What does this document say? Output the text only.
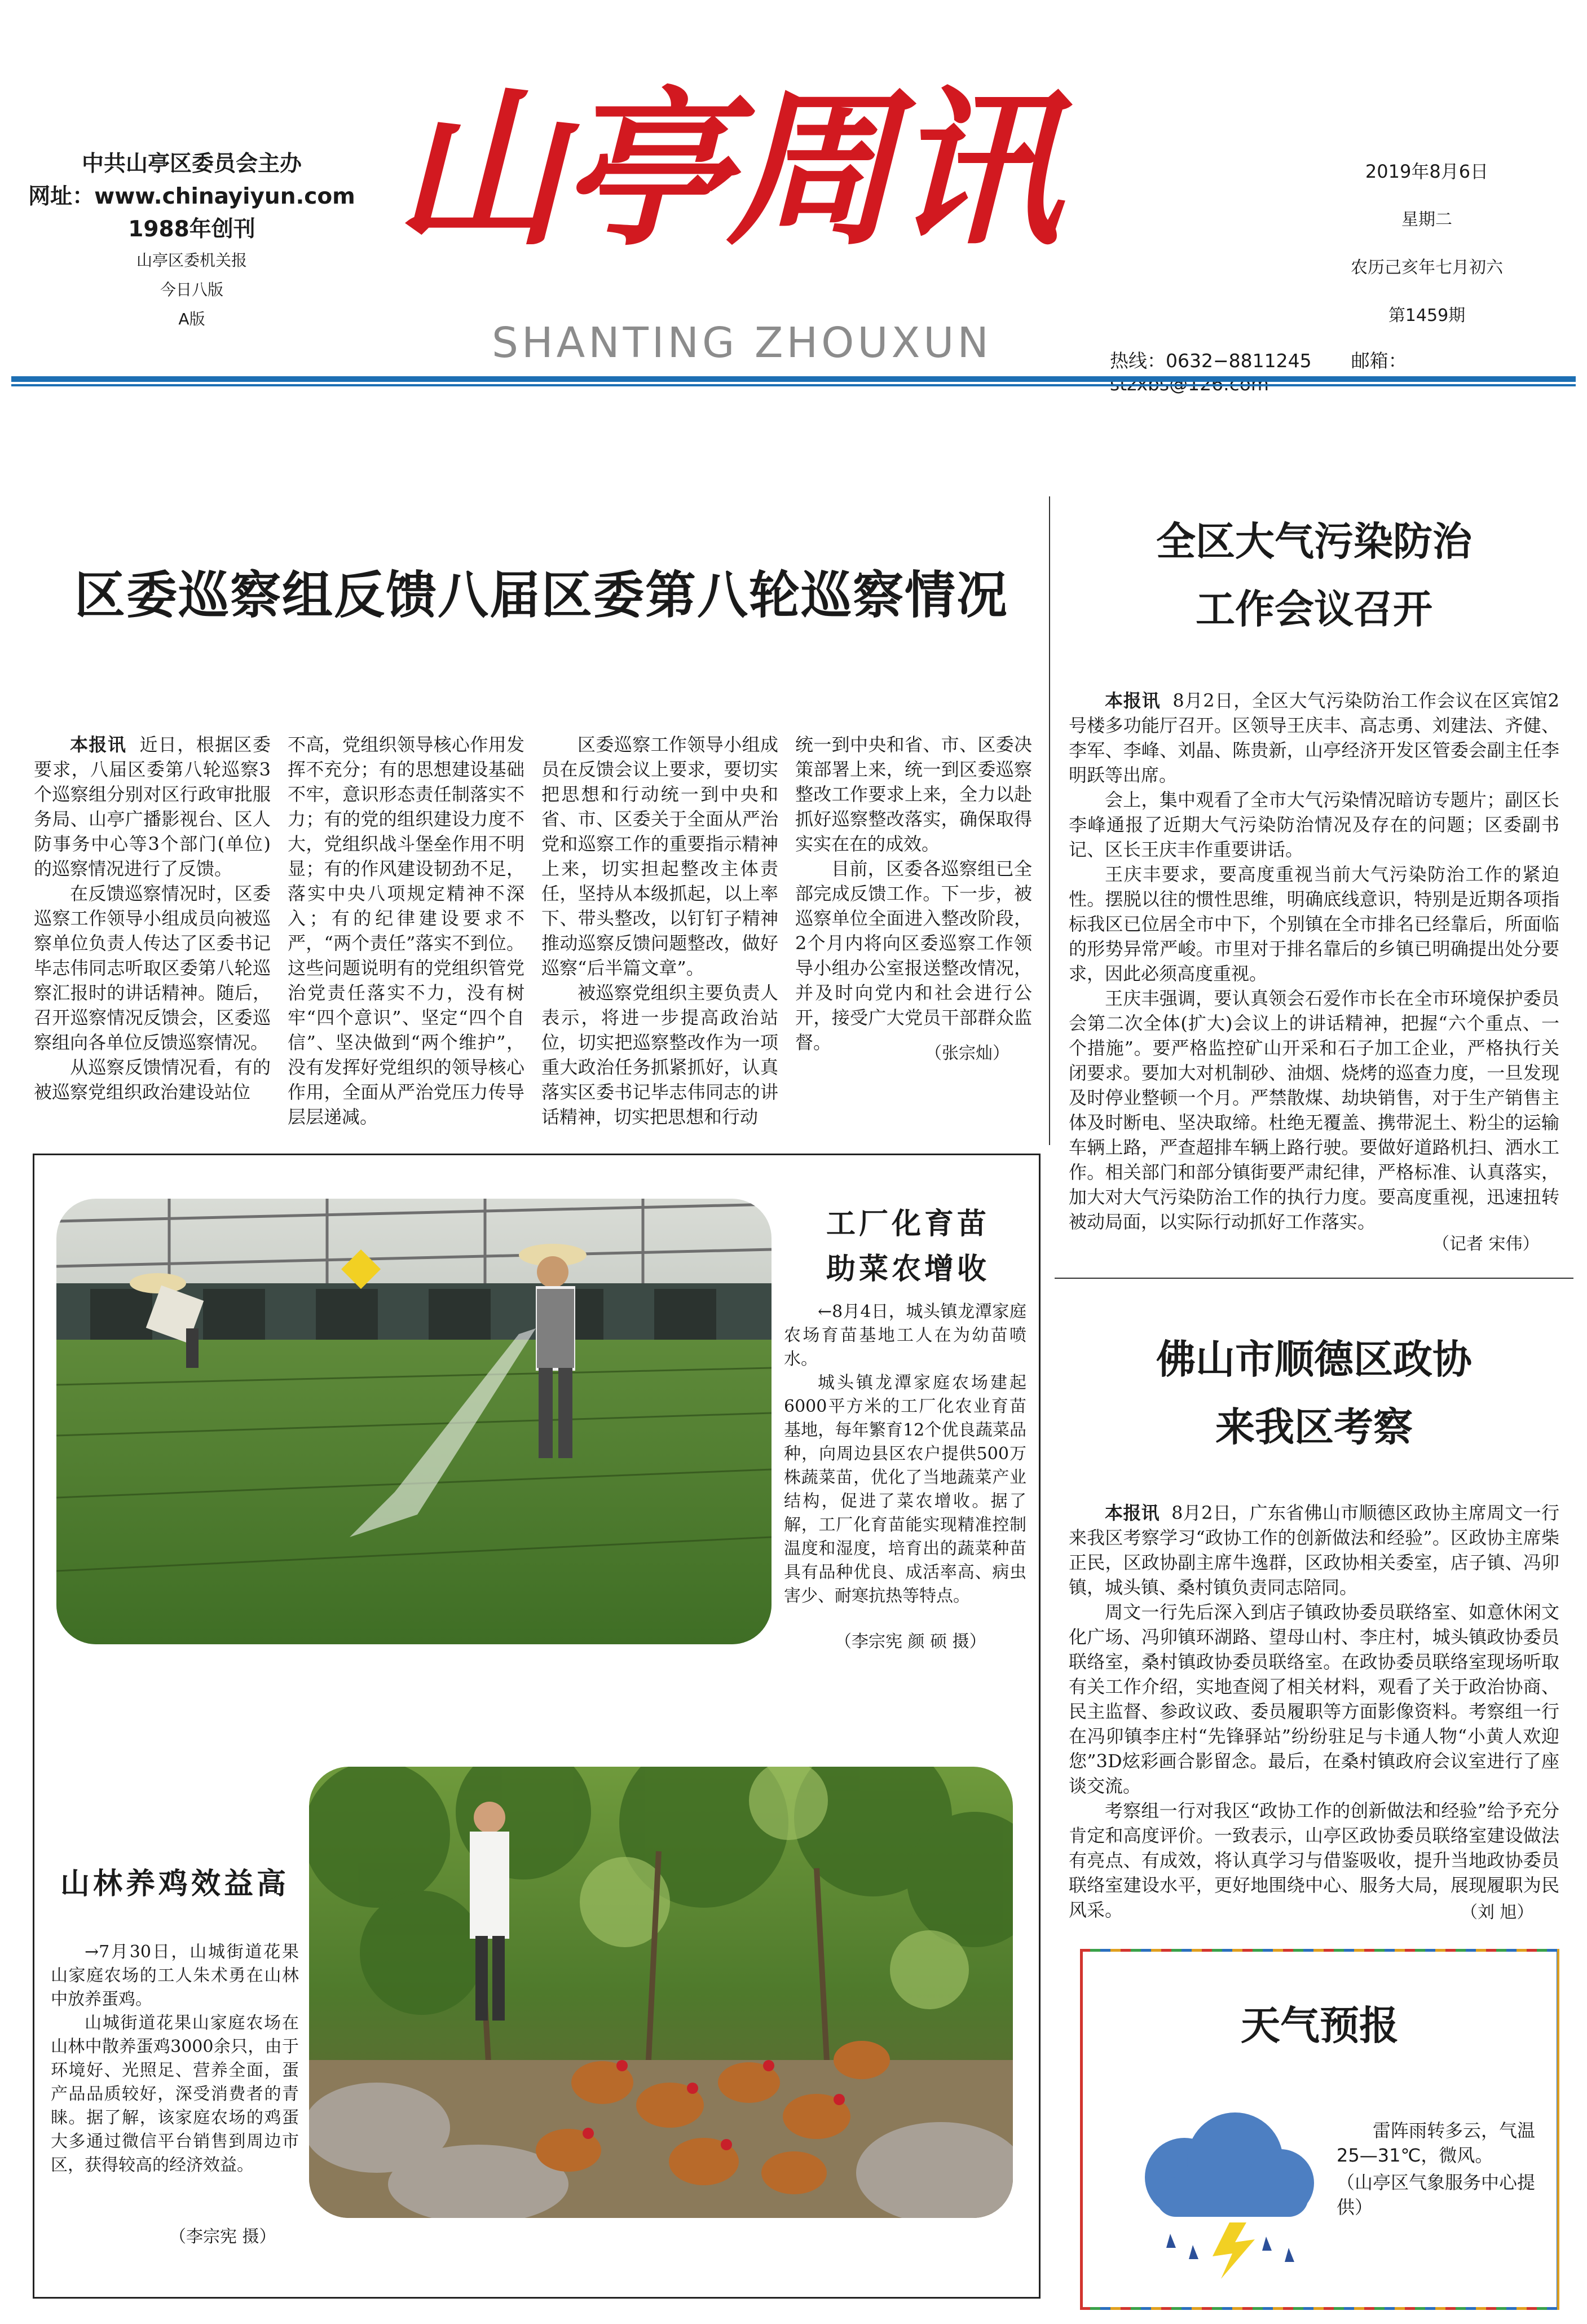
中共山亭区委员会主办
网址：www.chinayiyun.com
1988年创刊
山亭区委机关报
今日八版
A版
山亭周讯
SHANTING ZHOUXUN
2019年8月6日
星期二
农历己亥年七月初六
第1459期
热线：0632−8811245 邮箱：
区委巡察组反馈八届区委第八轮巡察情况

本报讯 近日，根据区委要求，八届区委第八轮巡察3个巡察组分别对区行政审批服务局、山亭广播影视台、区人防事务中心等3个部门(单位)的巡察情况进行了反馈。

在反馈巡察情况时，区委巡察工作领导小组成员向被巡察单位负责人传达了区委书记毕志伟同志听取区委第八轮巡察汇报时的讲话精神。随后，召开巡察情况反馈会，区委巡察组向各单位反馈巡察情况。

从巡察反馈情况看，有的被巡察党组织政治建设站位

不高，党组织领导核心作用发挥不充分；有的思想建设基础不牢，意识形态责任制落实不力；有的党的组织建设力度不大，党组织战斗堡垒作用不明显；有的作风建设韧劲不足，落实中央八项规定精神不深入；有的纪律建设要求不严，“两个责任”落实不到位。这些问题说明有的党组织管党治党责任落实不力，没有树牢“四个意识”、坚定“四个自信”、坚决做到“两个维护”，没有发挥好党组织的领导核心作用，全面从严治党压力传导层层递减。

区委巡察工作领导小组成员在反馈会议上要求，要切实把思想和行动统一到中央和省、市、区委关于全面从严治党和巡察工作的重要指示精神上来，切实担起整改主体责任，坚持从本级抓起，以上率下、带头整改，以钉钉子精神推动巡察反馈问题整改，做好巡察“后半篇文章”。

被巡察党组织主要负责人表示，将进一步提高政治站位，切实把巡察整改作为一项重大政治任务抓紧抓好，认真落实区委书记毕志伟同志的讲话精神，切实把思想和行动

统一到中央和省、市、区委决策部署上来，统一到区委巡察整改工作要求上来，全力以赴抓好巡察整改落实，确保取得实实在在的成效。

目前，区委各巡察组已全部完成反馈工作。下一步，被巡察单位全面进入整改阶段，2个月内将向区委巡察工作领导小组办公室报送整改情况，并及时向党内和社会进行公开，接受广大党员干部群众监督。

（张宗灿）
全区大气污染防治
工作会议召开

本报讯 8月2日，全区大气污染防治工作会议在区宾馆2号楼多功能厅召开。区领导王庆丰、高志勇、刘建法、齐健、李军、李峰、刘晶、陈贵新，山亭经济开发区管委会副主任李明跃等出席。

会上，集中观看了全市大气污染情况暗访专题片；副区长李峰通报了近期大气污染防治情况及存在的问题；区委副书记、区长王庆丰作重要讲话。

王庆丰要求，要高度重视当前大气污染防治工作的紧迫性。摆脱以往的惯性思维，明确底线意识，特别是近期各项指标我区已位居全市中下，个别镇在全市排名已经靠后，所面临的形势异常严峻。市里对于排名靠后的乡镇已明确提出处分要求，因此必须高度重视。

王庆丰强调，要认真领会石爱作市长在全市环境保护委员会第二次全体(扩大)会议上的讲话精神，把握“六个重点、一个措施”。要严格监控矿山开采和石子加工企业，严格执行关闭要求。要加大对机制砂、油烟、烧烤的巡查力度，一旦发现及时停业整顿一个月。严禁散煤、劫块销售，对于生产销售主体及时断电、坚决取缔。杜绝无覆盖、携带泥土、粉尘的运输车辆上路，严查超排车辆上路行驶。要做好道路机扫、洒水工作。相关部门和部分镇街要严肃纪律，严格标准、认真落实，加大对大气污染防治工作的执行力度。要高度重视，迅速扭转被动局面，以实际行动抓好工作落实。

（记者 宋伟）
佛山市顺德区政协
来我区考察

本报讯 8月2日，广东省佛山市顺德区政协主席周文一行来我区考察学习“政协工作的创新做法和经验”。区政协主席柴正民，区政协副主席牛逸群，区政协相关委室，店子镇、冯卯镇，城头镇、桑村镇负责同志陪同。

周文一行先后深入到店子镇政协委员联络室、如意休闲文化广场、冯卯镇环湖路、望母山村、李庄村，城头镇政协委员联络室，桑村镇政协委员联络室。在政协委员联络室现场听取有关工作介绍，实地查阅了相关材料，观看了关于政治协商、民主监督、参政议政、委员履职等方面影像资料。考察组一行在冯卯镇李庄村“先锋驿站”纷纷驻足与卡通人物“小黄人欢迎您”3D炫彩画合影留念。最后，在桑村镇政府会议室进行了座谈交流。

考察组一行对我区“政协工作的创新做法和经验”给予充分肯定和高度评价。一致表示，山亭区政协委员联络室建设做法有亮点、有成效，将认真学习与借鉴吸收，提升当地政协委员联络室建设水平，更好地围绕中心、服务大局，展现履职为民风采。	（刘 旭）
工厂化育苗
助菜农增收

←8月4日，城头镇龙潭家庭农场育苗基地工人在为幼苗喷水。

城头镇龙潭家庭农场建起6000平方米的工厂化农业育苗基地，每年繁育12个优良蔬菜品种，向周边县区农户提供500万株蔬菜苗，优化了当地蔬菜产业结构，促进了菜农增收。据了解，工厂化育苗能实现精准控制温度和湿度，培育出的蔬菜种苗具有品种优良、成活率高、病虫害少、耐寒抗热等特点。

（李宗宪 颜 硕 摄）
山林养鸡效益高

→7月30日，山城街道花果山家庭农场的工人朱术勇在山林中放养蛋鸡。

山城街道花果山家庭农场在山林中散养蛋鸡3000余只，由于环境好、光照足、营养全面，蛋产品品质较好，深受消费者的青睐。据了解，该家庭农场的鸡蛋大多通过微信平台销售到周边市区，获得较高的经济效益。

（李宗宪 摄）
天气预报
雷阵雨转多云，气温 25—31℃，微风。
（山亭区气象服务中心提供）
